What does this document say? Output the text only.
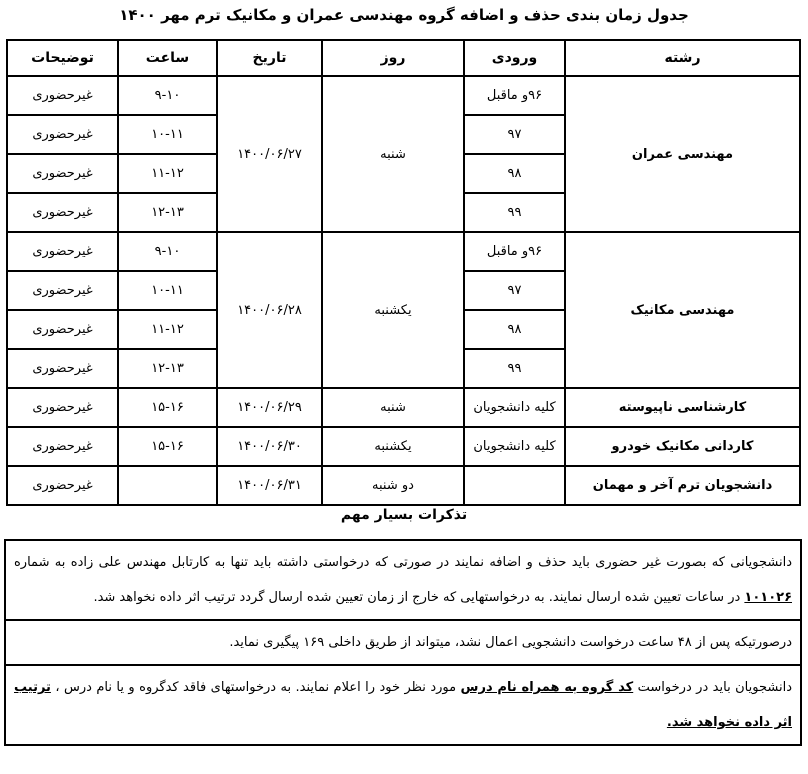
جدول زمان بندی حذف و اضافه گروه مهندسی عمران و مکانیک ترم مهر ۱۴۰۰
رشته	ورودی	روز	تاریخ	ساعت	توضیحات
مهندسی عمران	۹۶و ماقبل	شنبه	۱۴۰۰/۰۶/۲۷	۹-۱۰	غیرحضوری
	۹۷			۱۰-۱۱	غیرحضوری
	۹۸			۱۱-۱۲	غیرحضوری
	۹۹			۱۲-۱۳	غیرحضوری
مهندسی مکانیک	۹۶و ماقبل	یکشنبه	۱۴۰۰/۰۶/۲۸	۹-۱۰	غیرحضوری
	۹۷			۱۰-۱۱	غیرحضوری
	۹۸			۱۱-۱۲	غیرحضوری
	۹۹			۱۲-۱۳	غیرحضوری
کارشناسی ناپیوسته	کلیه دانشجویان	شنبه	۱۴۰۰/۰۶/۲۹	۱۵-۱۶	غیرحضوری
کاردانی مکانیک خودرو	کلیه دانشجویان	یکشنبه	۱۴۰۰/۰۶/۳۰	۱۵-۱۶	غیرحضوری
دانشجویان ترم آخر و مهمان		دو شنبه	۱۴۰۰/۰۶/۳۱		غیرحضوری
تذکرات بسیار مهم
دانشجویانی که بصورت غیر حضوری باید حذف و اضافه نمایند در صورتی که درخواستی داشته باید تنها به کارتابل مهندس علی زاده به شماره ۱۰۱۰۲۶ در ساعات تعیین شده ارسال نمایند. به درخواستهایی که خارج از زمان تعیین شده ارسال گردد ترتیب اثر داده نخواهد شد.
درصورتیکه پس از ۴۸ ساعت درخواست دانشجویی اعمال نشد، میتواند از طریق داخلی ۱۶۹ پیگیری نماید.
دانشجویان باید در درخواست کد گروه به همراه نام درس مورد نظر خود را اعلام نمایند. به درخواستهای فاقد کدگروه و یا نام درس ، ترتیب اثر داده نخواهد شد.
